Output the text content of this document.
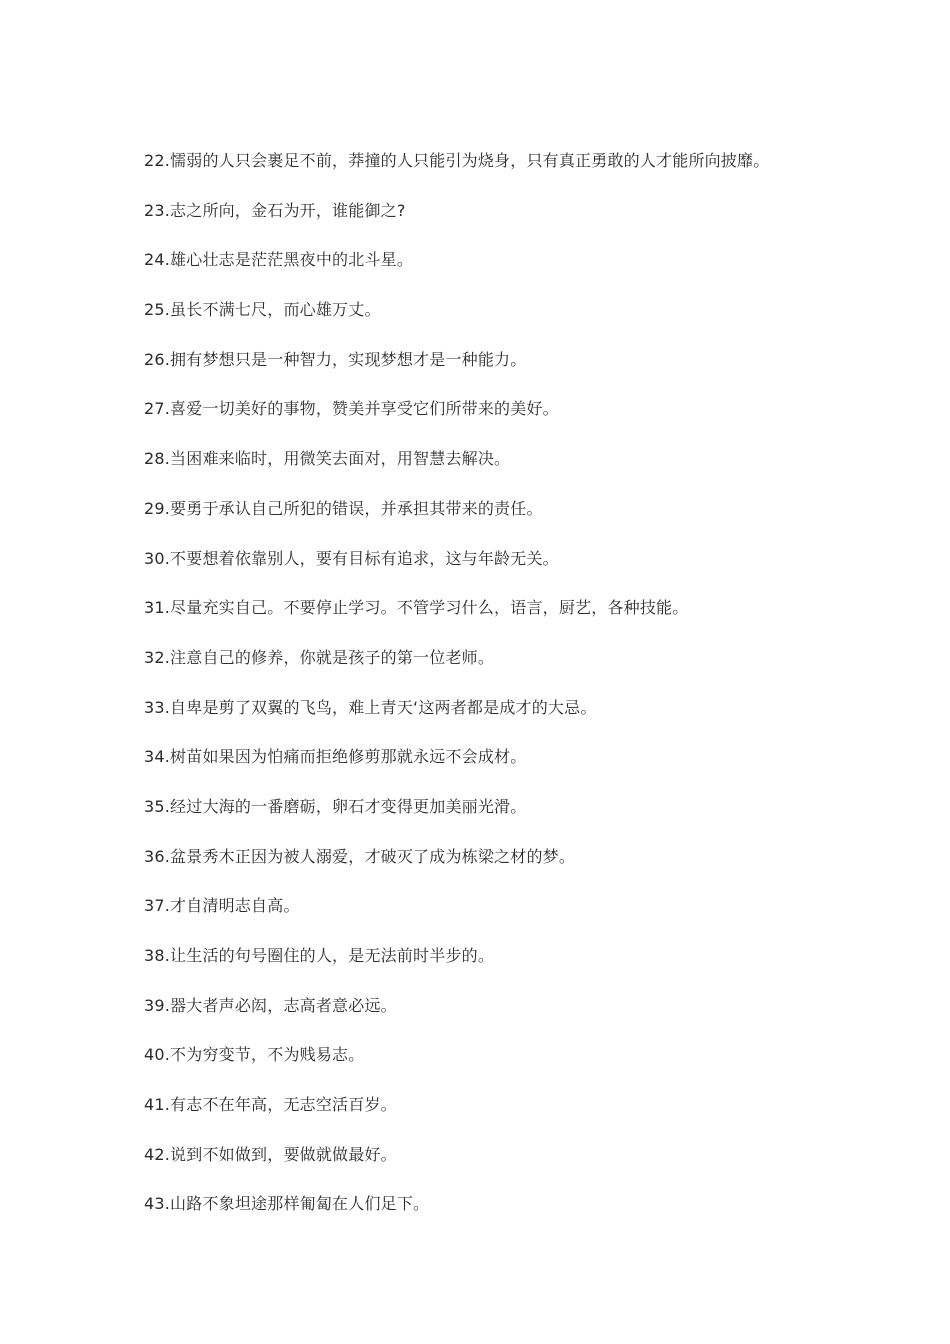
22.懦弱的人只会裹足不前，莽撞的人只能引为烧身，只有真正勇敢的人才能所向披靡。
23.志之所向，金石为开，谁能御之?
24.雄心壮志是茫茫黑夜中的北斗星。
25.虽长不满七尺，而心雄万丈。
26.拥有梦想只是一种智力，实现梦想才是一种能力。
27.喜爱一切美好的事物，赞美并享受它们所带来的美好。
28.当困难来临时，用微笑去面对，用智慧去解决。
29.要勇于承认自己所犯的错误，并承担其带来的责任。
30.不要想着依靠别人，要有目标有追求，这与年龄无关。
31.尽量充实自己。不要停止学习。不管学习什么，语言，厨艺，各种技能。
32.注意自己的修养，你就是孩子的第一位老师。
33.自卑是剪了双翼的飞鸟，难上青天‘这两者都是成才的大忌。
34.树苗如果因为怕痛而拒绝修剪那就永远不会成材。
35.经过大海的一番磨砺，卵石才变得更加美丽光滑。
36.盆景秀木正因为被人溺爱，才破灭了成为栋梁之材的梦。
37.才自清明志自高。
38.让生活的句号圈住的人，是无法前时半步的。
39.器大者声必闳，志高者意必远。
40.不为穷变节，不为贱易志。
41.有志不在年高，无志空活百岁。
42.说到不如做到，要做就做最好。
43.山路不象坦途那样匍匐在人们足下。
